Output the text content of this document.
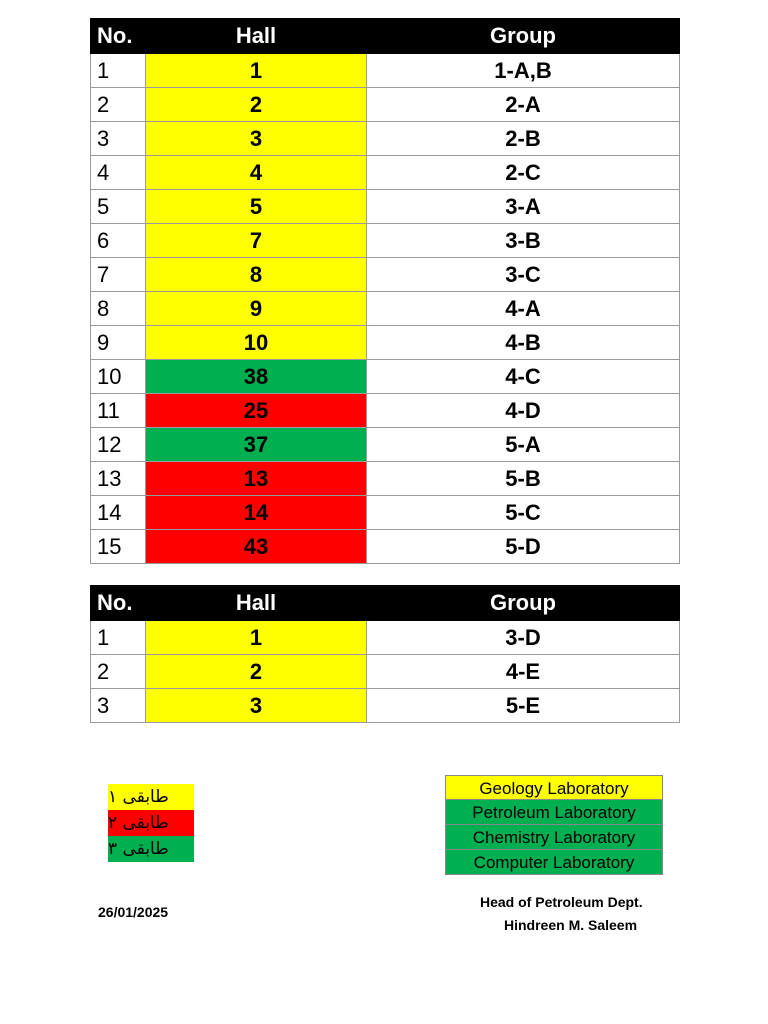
No.	Hall	Group
1	1	1-A,B
2	2	2-A
3	3	2-B
4	4	2-C
5	5	3-A
6	7	3-B
7	8	3-C
8	9	4-A
9	10	4-B
10	38	4-C
11	25	4-D
12	37	5-A
13	13	5-B
14	14	5-C
15	43	5-D
No.	Hall	Group
1	1	3-D
2	2	4-E
3	3	5-E
طابقی ١
طابقی ٢
طابقی ٣
Geology Laboratory
Petroleum Laboratory
Chemistry Laboratory
Computer Laboratory
26/01/2025
Head of Petroleum Dept.
Hindreen M. Saleem
